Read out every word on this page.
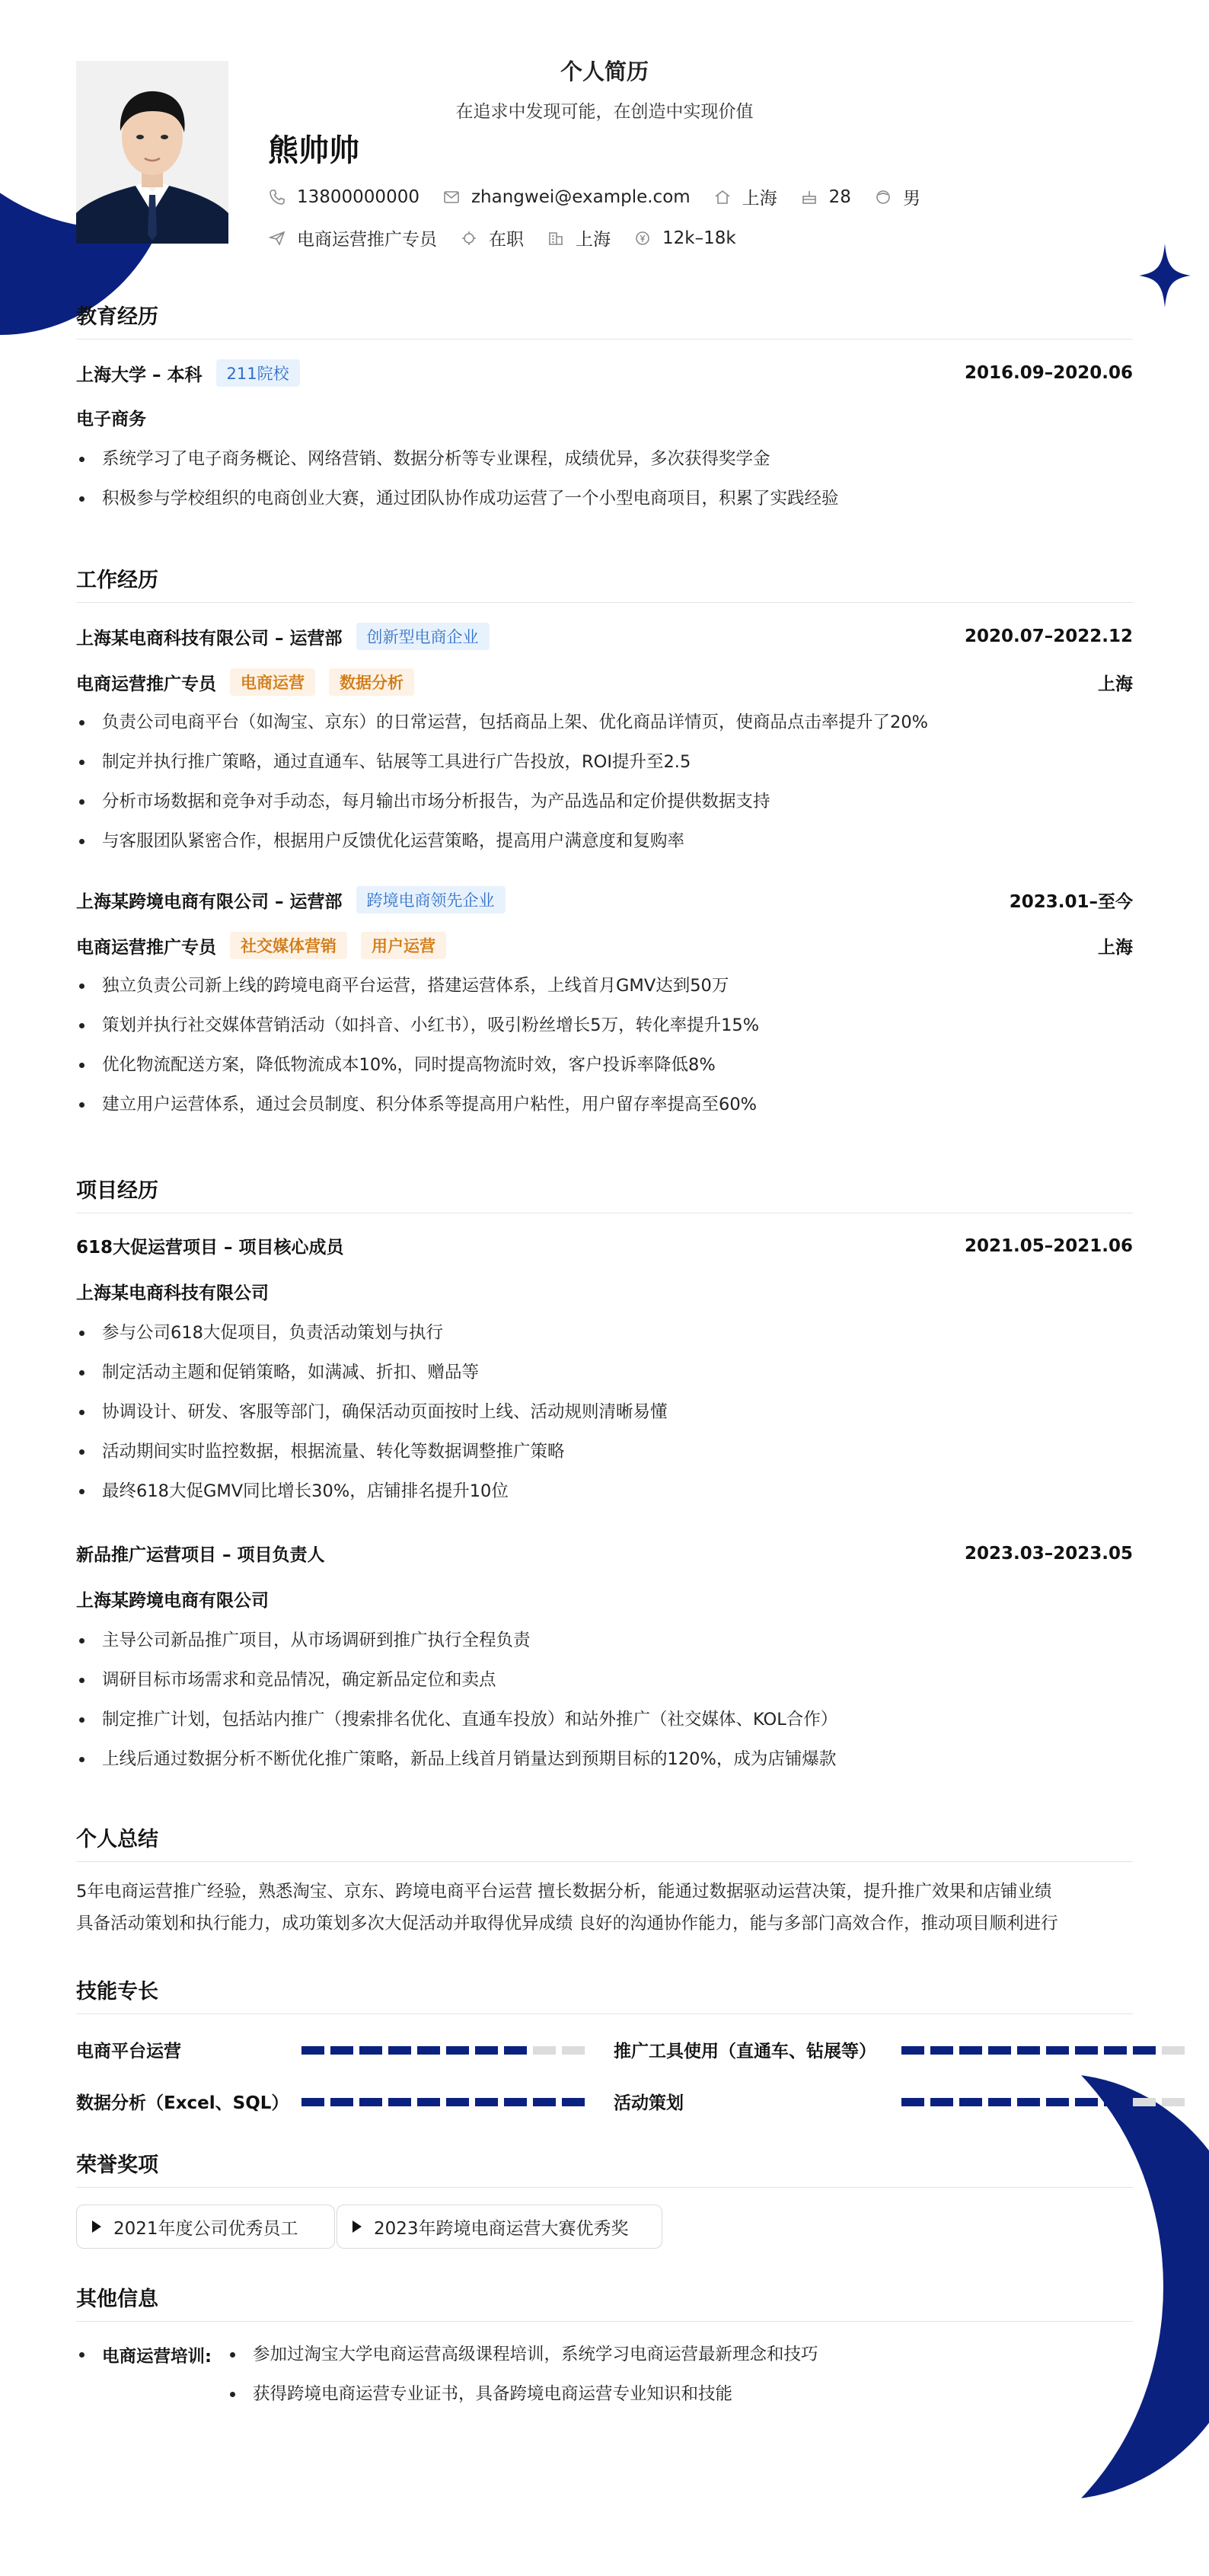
个人简历
在追求中发现可能，在创造中实现价值
熊帅帅
13800000000	zhangwei@example.com	上海	28	男
电商运营推广专员	在职	上海	12k–18k
教育经历
上海大学 – 本科	211院校	2016.09–2020.06
电子商务
系统学习了电子商务概论、网络营销、数据分析等专业课程，成绩优异，多次获得奖学金
积极参与学校组织的电商创业大赛，通过团队协作成功运营了一个小型电商项目，积累了实践经验
工作经历
上海某电商科技有限公司 – 运营部	创新型电商企业	2020.07–2022.12
电商运营推广专员	电商运营	数据分析	上海
负责公司电商平台（如淘宝、京东）的日常运营，包括商品上架、优化商品详情页，使商品点击率提升了20%
制定并执行推广策略，通过直通车、钻展等工具进行广告投放，ROI提升至2.5
分析市场数据和竞争对手动态，每月输出市场分析报告，为产品选品和定价提供数据支持
与客服团队紧密合作，根据用户反馈优化运营策略，提高用户满意度和复购率
上海某跨境电商有限公司 – 运营部	跨境电商领先企业	2023.01–至今
电商运营推广专员	社交媒体营销	用户运营	上海
独立负责公司新上线的跨境电商平台运营，搭建运营体系，上线首月GMV达到50万
策划并执行社交媒体营销活动（如抖音、小红书），吸引粉丝增长5万，转化率提升15%
优化物流配送方案，降低物流成本10%，同时提高物流时效，客户投诉率降低8%
建立用户运营体系，通过会员制度、积分体系等提高用户粘性，用户留存率提高至60%
项目经历
618大促运营项目 – 项目核心成员	2021.05–2021.06
上海某电商科技有限公司
参与公司618大促项目，负责活动策划与执行
制定活动主题和促销策略，如满减、折扣、赠品等
协调设计、研发、客服等部门，确保活动页面按时上线、活动规则清晰易懂
活动期间实时监控数据，根据流量、转化等数据调整推广策略
最终618大促GMV同比增长30%，店铺排名提升10位
新品推广运营项目 – 项目负责人	2023.03–2023.05
上海某跨境电商有限公司
主导公司新品推广项目，从市场调研到推广执行全程负责
调研目标市场需求和竞品情况，确定新品定位和卖点
制定推广计划，包括站内推广（搜索排名优化、直通车投放）和站外推广（社交媒体、KOL合作）
上线后通过数据分析不断优化推广策略，新品上线首月销量达到预期目标的120%，成为店铺爆款
个人总结

5年电商运营推广经验，熟悉淘宝、京东、跨境电商平台运营 擅长数据分析，能通过数据驱动运营决策，提升推广效果和店铺业绩

具备活动策划和执行能力，成功策划多次大促活动并取得优异成绩 良好的沟通协作能力，能与多部门高效合作，推动项目顺利进行

技能专长
电商平台运营	推广工具使用（直通车、钻展等）
数据分析（Excel、SQL）	活动策划
荣誉奖项
2021年度公司优秀员工	2023年跨境电商运营大赛优秀奖
其他信息
电商运营培训:	参加过淘宝大学电商运营高级课程培训，系统学习电商运营最新理念和技巧
获得跨境电商运营专业证书，具备跨境电商运营专业知识和技能
